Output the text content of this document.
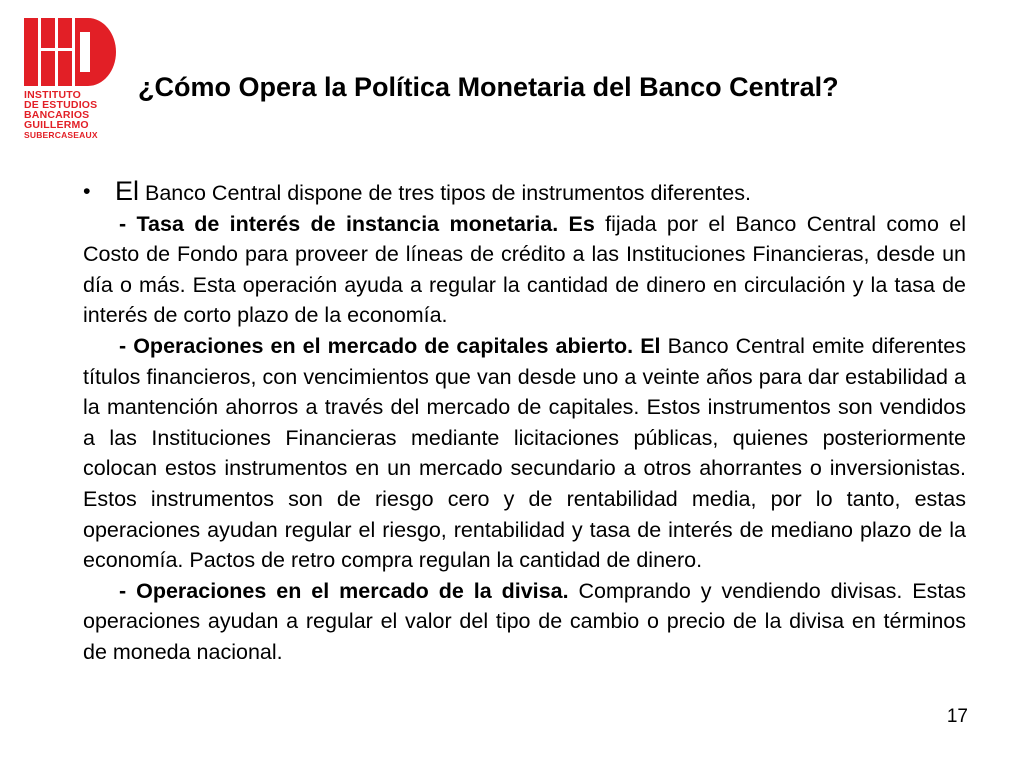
INSTITUTO
DE ESTUDIOS
BANCARIOS
GUILLERMO
SUBERCASEAUX
¿Cómo Opera la Política Monetaria del Banco Central?

• El Banco Central dispone de tres tipos de instrumentos diferentes.

- Tasa de interés de instancia monetaria. Es fijada por el Banco Central como el Costo de Fondo para proveer de líneas de crédito a las Instituciones Financieras, desde un día o más. Esta operación ayuda a regular la cantidad de dinero en circulación y la tasa de interés de corto plazo de la economía.

- Operaciones en el mercado de capitales abierto. El Banco Central emite diferentes títulos financieros, con vencimientos que van desde uno a veinte años para dar estabilidad a la mantención ahorros a través del mercado de capitales. Estos instrumentos son vendidos a las Instituciones Financieras mediante licitaciones públicas, quienes posteriormente colocan estos instrumentos en un mercado secundario a otros ahorrantes o inversionistas. Estos instrumentos son de riesgo cero y de rentabilidad media, por lo tanto, estas operaciones ayudan regular el riesgo, rentabilidad y tasa de interés de mediano plazo de la economía. Pactos de retro compra regulan la cantidad de dinero.

- Operaciones en el mercado de la divisa. Comprando y vendiendo divisas. Estas operaciones ayudan a regular el valor del tipo de cambio o precio de la divisa en términos de moneda nacional.

17
